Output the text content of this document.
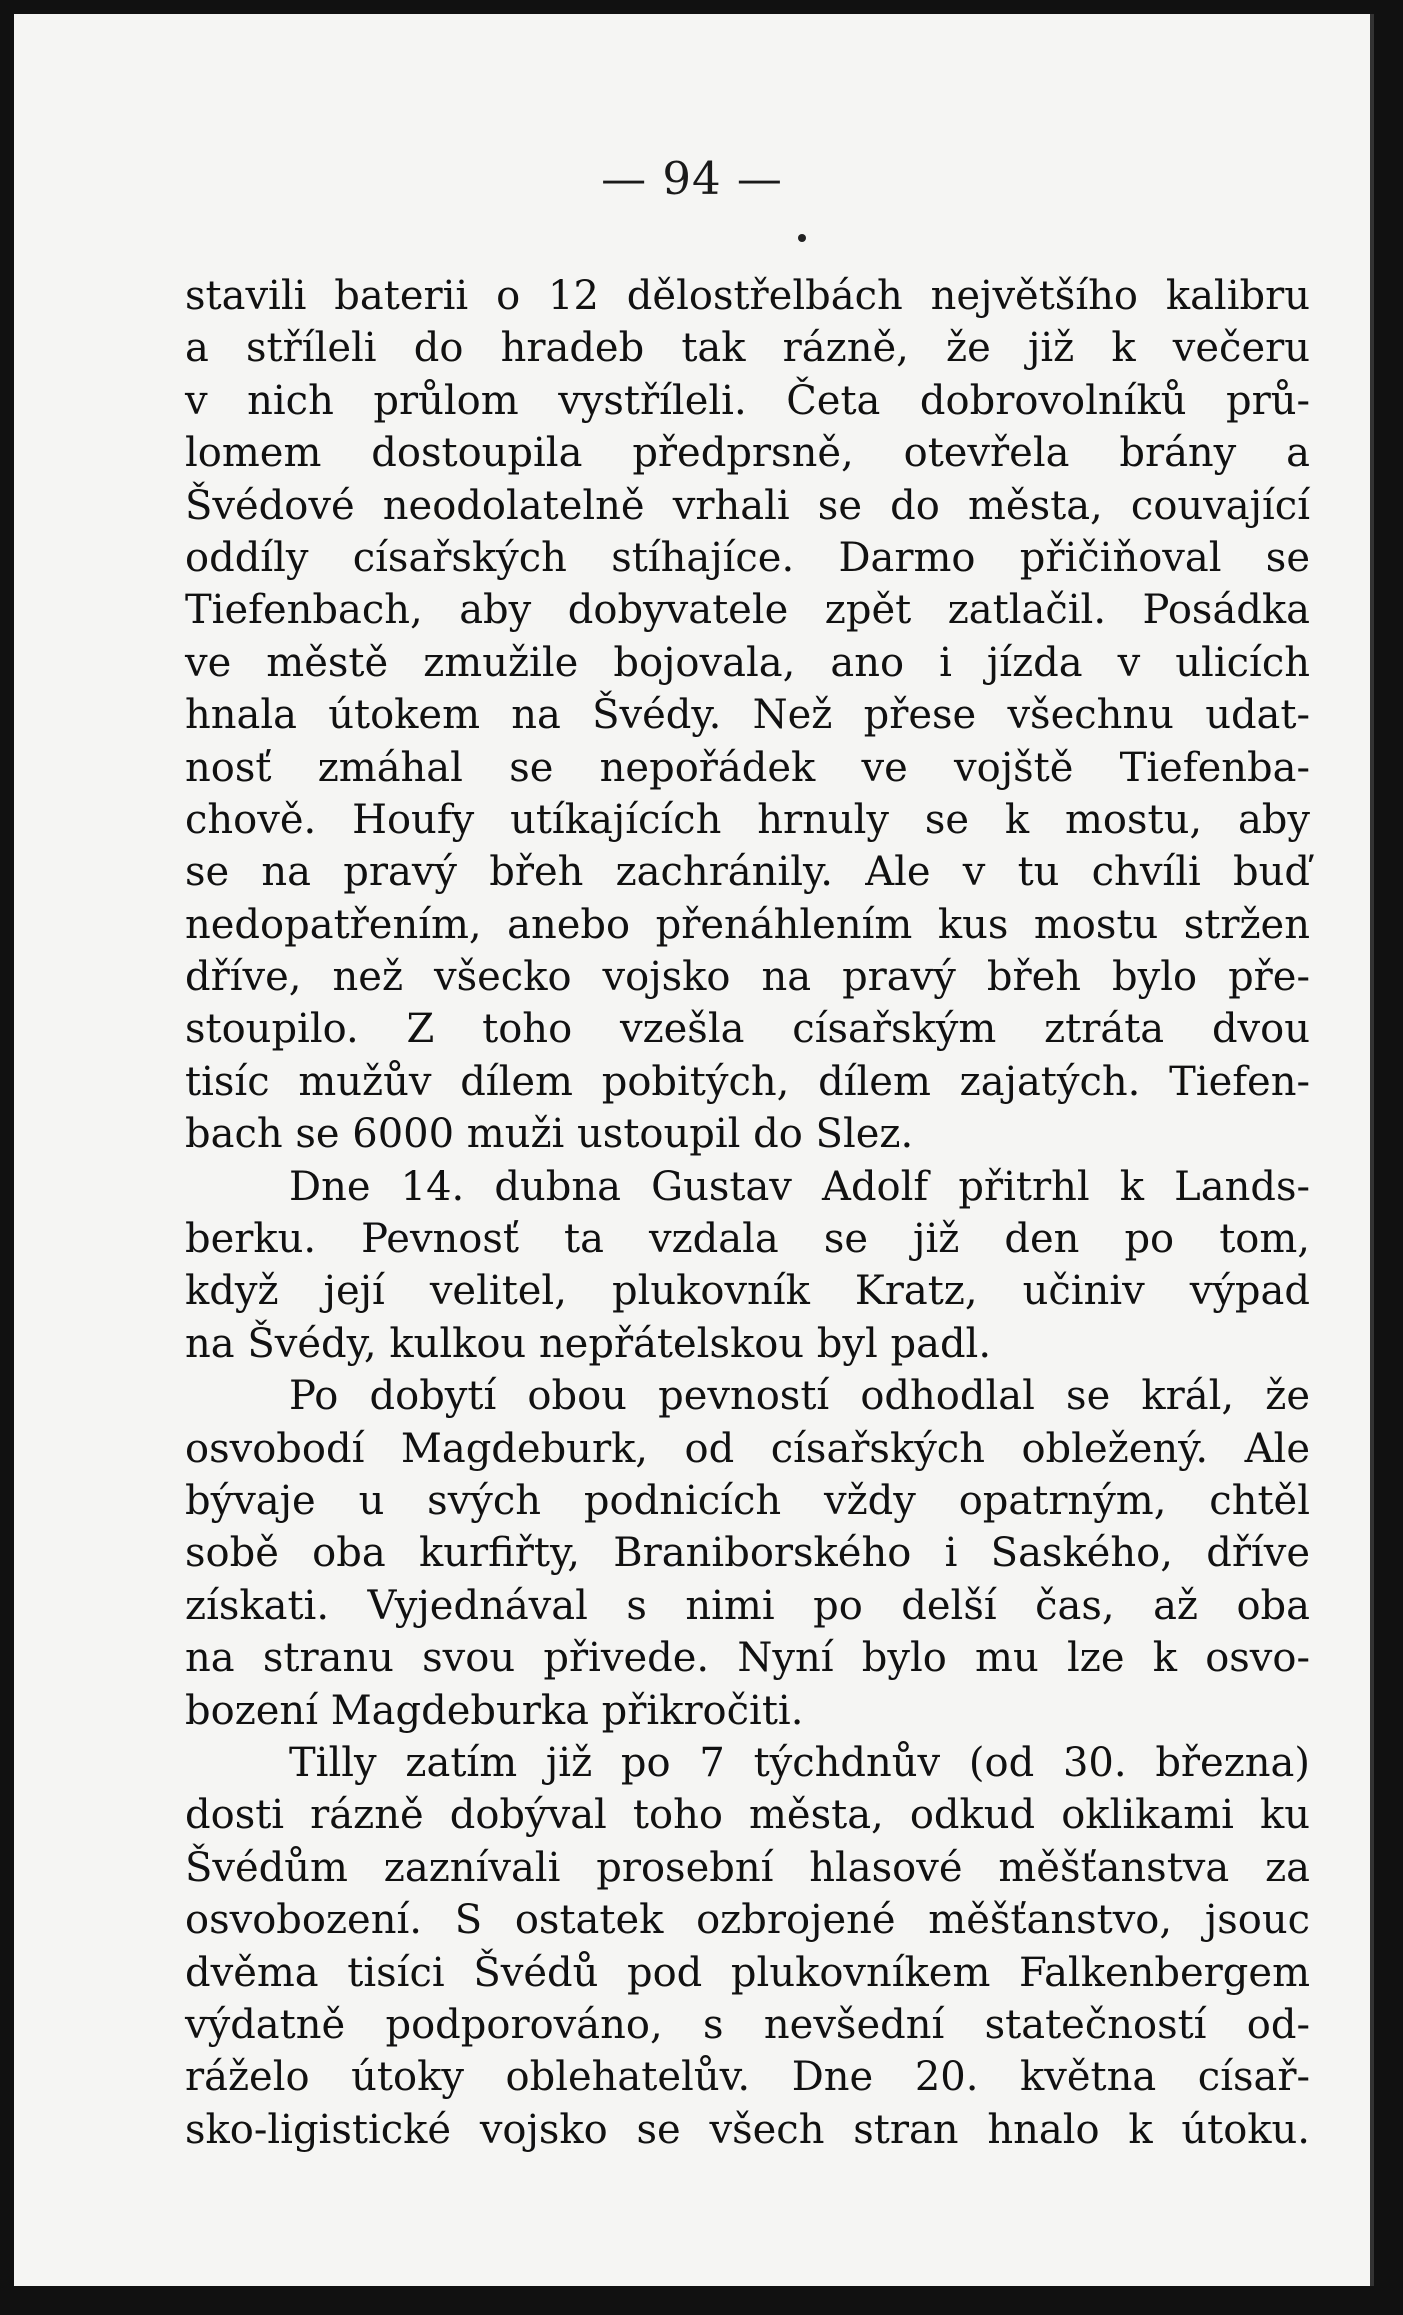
— 94 —
stavili baterii o 12 dělostřelbách největšího kalibru
a stříleli do hradeb tak rázně, že již k večeru
v nich průlom vystříleli. Četa dobrovolníků prů-
lomem dostoupila předprsně, otevřela brány a
Švédové neodolatelně vrhali se do města, couvající
oddíly císařských stíhajíce. Darmo přičiňoval se
Tiefenbach, aby dobyvatele zpět zatlačil. Posádka
ve městě zmužile bojovala, ano i jízda v ulicích
hnala útokem na Švédy. Než přese všechnu udat-
nosť zmáhal se nepořádek ve vojště Tiefenba-
chově. Houfy utíkajících hrnuly se k mostu, aby
se na pravý břeh zachránily. Ale v tu chvíli buď
nedopatřením, anebo přenáhlením kus mostu stržen
dříve, než všecko vojsko na pravý břeh bylo pře-
stoupilo. Z toho vzešla císařským ztráta dvou
tisíc mužův dílem pobitých, dílem zajatých. Tiefen-
bach se 6000 muži ustoupil do Slez.
Dne 14. dubna Gustav Adolf přitrhl k Lands-
berku. Pevnosť ta vzdala se již den po tom,
když její velitel, plukovník Kratz, učiniv výpad
na Švédy, kulkou nepřátelskou byl padl.
Po dobytí obou pevností odhodlal se král, že
osvobodí Magdeburk, od císařských obležený. Ale
bývaje u svých podnicích vždy opatrným, chtěl
sobě oba kurfiřty, Braniborského i Saského, dříve
získati. Vyjednával s nimi po delší čas, až oba
na stranu svou přivede. Nyní bylo mu lze k osvo-
bození Magdeburka přikročiti.
Tilly zatím již po 7 týchdnův (od 30. března)
dosti rázně dobýval toho města, odkud oklikami ku
Švédům zaznívali prosební hlasové měšťanstva za
osvobození. S ostatek ozbrojené měšťanstvo, jsouc
dvěma tisíci Švédů pod plukovníkem Falkenbergem
výdatně podporováno, s nevšední statečností od-
ráželo útoky oblehatelův. Dne 20. května císař-
sko-ligistické vojsko se všech stran hnalo k útoku.
